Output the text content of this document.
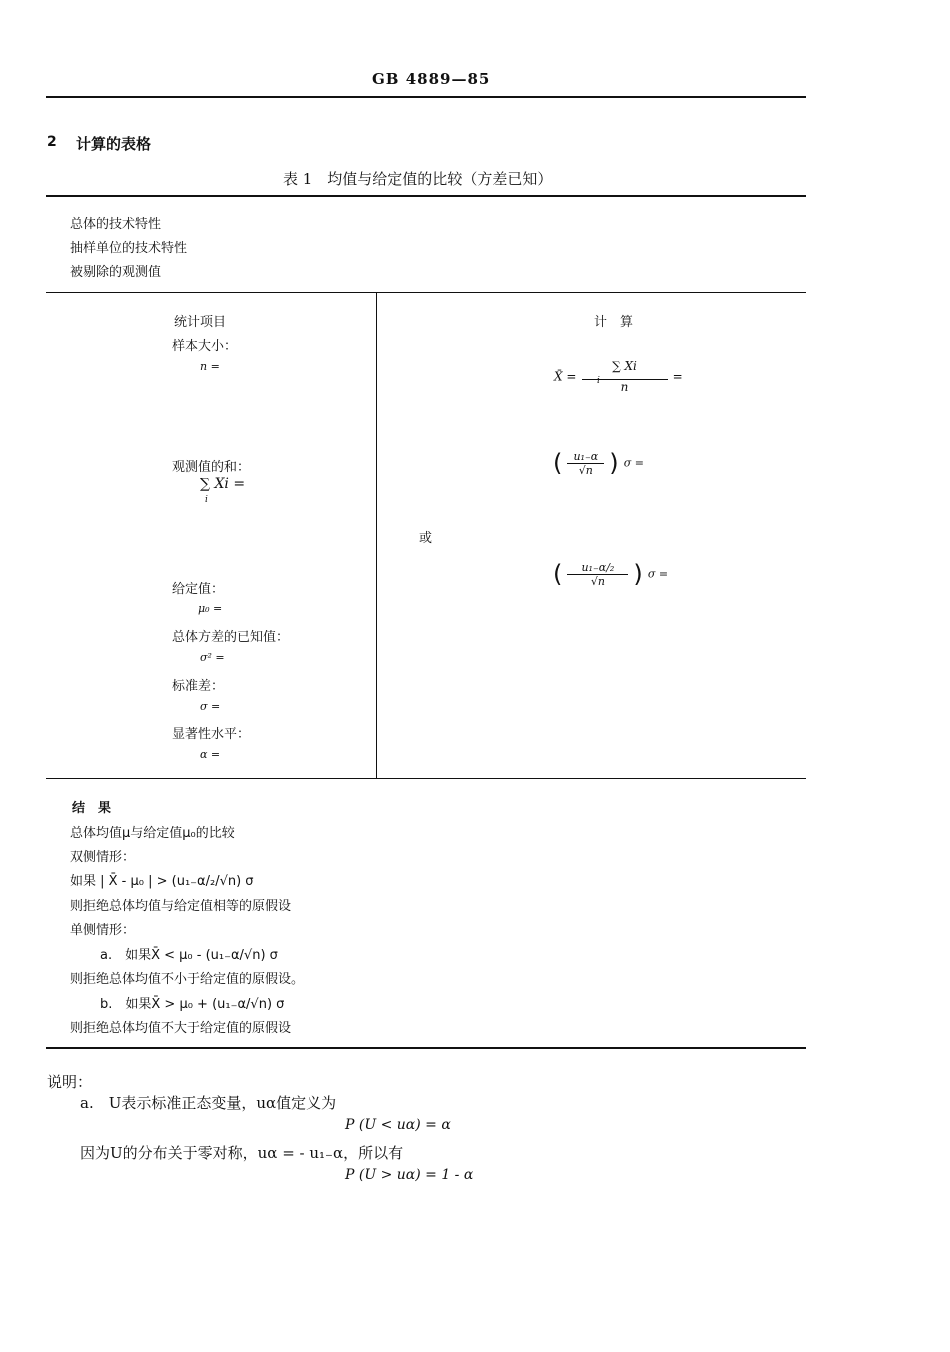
GB 4889—85
2 计算的表格
表 1　均值与给定值的比较（方差已知）
总体的技术特性
抽样单位的技术特性
被剔除的观测值
统计项目
样本大小：
n =
观测值的和：
∑ Xi =
i
给定值：
μ₀ =
总体方差的已知值：
σ² =
标准差：
σ =
显著性水平：
α =
计　算
X̄ = $\frac{\sum Xi}{n}$ =
i
( $\frac{\text{u₁₋α}}{√n}$ ) σ =
或
( $\frac{\text{u₁₋α/₂}}{√n}$ ) σ =
结　果
总体均值μ与给定值μ₀的比较
双侧情形：
如果 | X̄ - μ₀ | > (u₁₋α/₂/√n) σ
则拒绝总体均值与给定值相等的原假设
单侧情形：
a.　如果X̄ < μ₀ - (u₁₋α/√n) σ
则拒绝总体均值不小于给定值的原假设。
b.　如果X̄ > μ₀ + (u₁₋α/√n) σ
则拒绝总体均值不大于给定值的原假设
说明：
a.　U表示标准正态变量，uα值定义为
P (U < uα) = α
因为U的分布关于零对称，uα = - u₁₋α，所以有
P (U > uα) = 1 - α
